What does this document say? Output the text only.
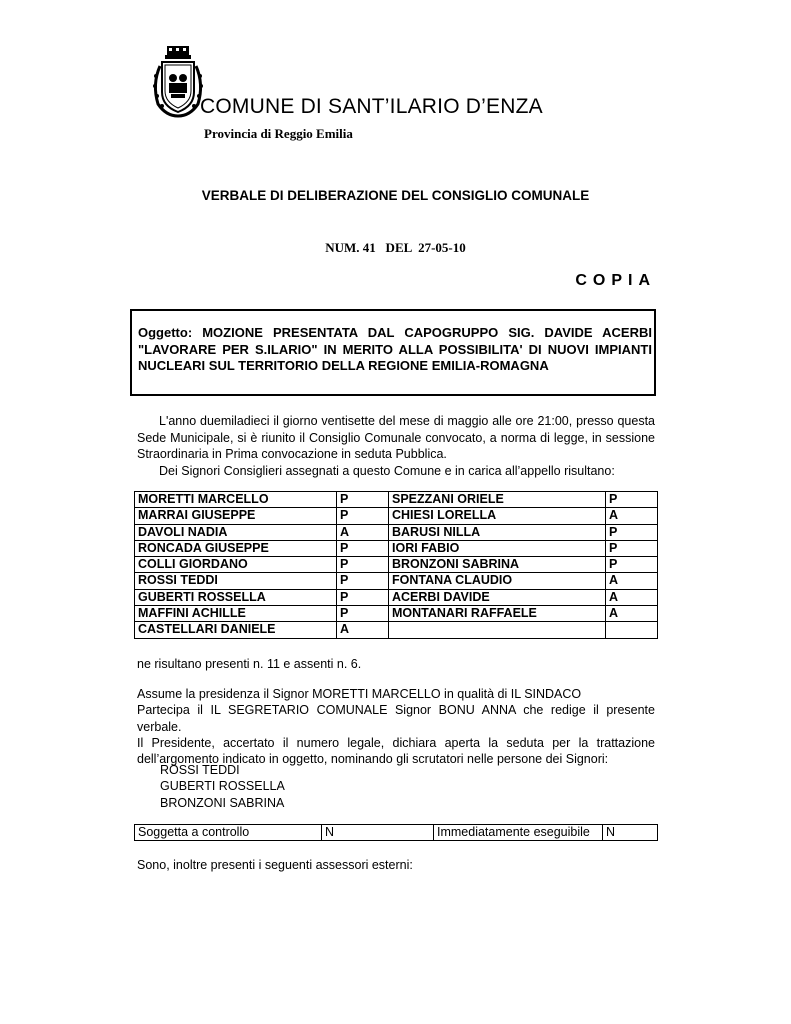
COMUNE DI SANT’ILARIO D’ENZA
Provincia di Reggio Emilia
VERBALE DI DELIBERAZIONE DEL CONSIGLIO COMUNALE
NUM. 41   DEL  27-05-10
COPIA
Oggetto: MOZIONE PRESENTATA DAL CAPOGRUPPO SIG. DAVIDE ACERBI "LAVORARE PER S.ILARIO" IN MERITO ALLA POSSIBILITA' DI NUOVI IMPIANTI NUCLEARI SUL TERRITORIO DELLA REGIONE EMILIA-ROMAGNA

L'anno duemiladieci il giorno ventisette del mese di maggio alle ore 21:00, presso questa Sede Municipale, si è riunito il Consiglio Comunale convocato, a norma di legge, in sessione Straordinaria in Prima convocazione in seduta Pubblica.

Dei Signori Consiglieri assegnati a questo Comune e in carica all’appello risultano:

MORETTI MARCELLO	P	SPEZZANI ORIELE	P
MARRAI GIUSEPPE	P	CHIESI LORELLA	A
DAVOLI NADIA	A	BARUSI NILLA	P
RONCADA GIUSEPPE	P	IORI FABIO	P
COLLI GIORDANO	P	BRONZONI SABRINA	P
ROSSI TEDDI	P	FONTANA CLAUDIO	A
GUBERTI ROSSELLA	P	ACERBI DAVIDE	A
MAFFINI ACHILLE	P	MONTANARI RAFFAELE	A
CASTELLARI DANIELE	A		
ne risultano presenti n. 11 e assenti n. 6.

Assume la presidenza il Signor MORETTI MARCELLO in qualità di IL SINDACO

Partecipa il IL SEGRETARIO COMUNALE Signor BONU ANNA che redige il presente verbale.

Il Presidente, accertato il numero legale, dichiara aperta la seduta per la trattazione dell’argomento indicato in oggetto, nominando gli scrutatori nelle persone dei Signori:

ROSSI TEDDI
GUBERTI ROSSELLA
BRONZONI SABRINA
Soggetta a controllo	N	Immediatamente eseguibile	N
Sono, inoltre presenti i seguenti assessori esterni:
